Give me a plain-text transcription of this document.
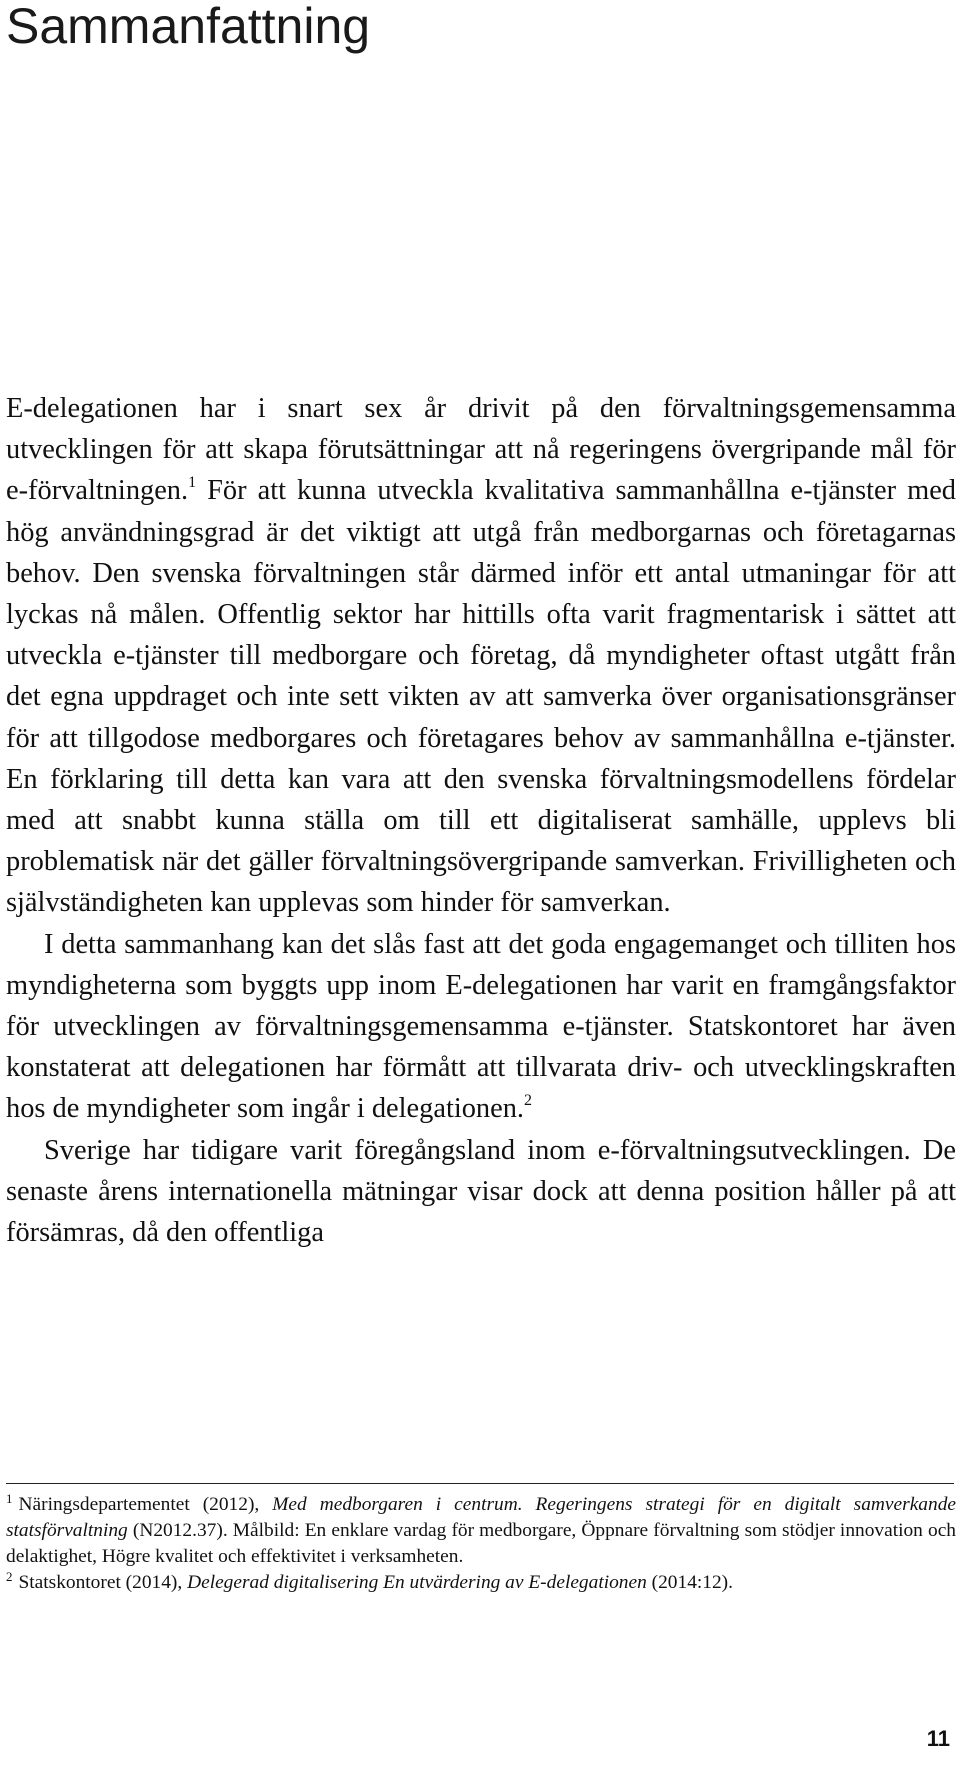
Sammanfattning

E-delegationen har i snart sex år drivit på den förvaltningsgemensamma utvecklingen för att skapa förutsättningar att nå regeringens övergripande mål för e-förvaltningen.$^1$ För att kunna utveckla kvalitativa sammanhållna e-tjänster med hög användningsgrad är det viktigt att utgå från medborgarnas och företagarnas behov. Den svenska förvaltningen står därmed inför ett antal utmaningar för att lyckas nå målen. Offentlig sektor har hittills ofta varit fragmentarisk i sättet att utveckla e-tjänster till medborgare och företag, då myndigheter oftast utgått från det egna uppdraget och inte sett vikten av att samverka över organisationsgränser för att tillgodose medborgares och företagares behov av sammanhållna e-tjänster. En förklaring till detta kan vara att den svenska förvaltningsmodellens fördelar med att snabbt kunna ställa om till ett digitaliserat samhälle, upplevs bli problematisk när det gäller förvaltningsövergripande samverkan. Frivilligheten och självständigheten kan upplevas som hinder för samverkan.

I detta sammanhang kan det slås fast att det goda engagemanget och tilliten hos myndigheterna som byggts upp inom E-delegationen har varit en framgångsfaktor för utvecklingen av förvaltningsgemensamma e-tjänster. Statskontoret har även konstaterat att delegationen har förmått att tillvarata driv- och utvecklingskraften hos de myndigheter som ingår i delegationen.$^2$

Sverige har tidigare varit föregångsland inom e-förvaltningsutvecklingen. De senaste årens internationella mätningar visar dock att denna position håller på att försämras, då den offentliga

$^1$ Näringsdepartementet (2012), Med medborgaren i centrum. Regeringens strategi för en digitalt samverkande statsförvaltning (N2012.37). Målbild: En enklare vardag för medborgare, Öppnare förvaltning som stödjer innovation och delaktighet, Högre kvalitet och effektivitet i verksamheten.

$^2$ Statskontoret (2014), Delegerad digitalisering En utvärdering av E-delegationen (2014:12).

11
